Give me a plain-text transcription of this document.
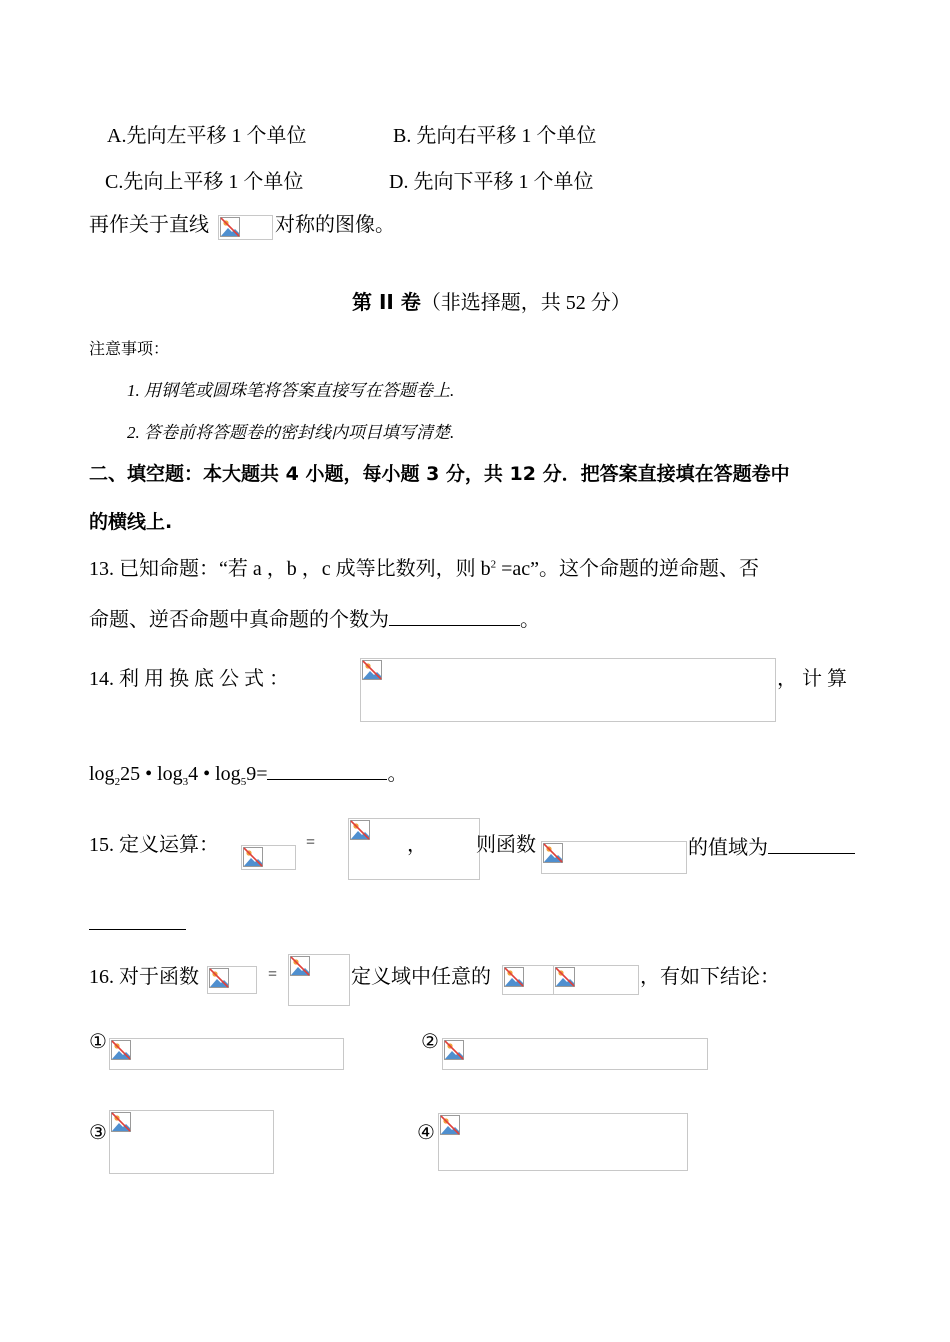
A.先向左平移 1 个单位	B. 先向右平移 1 个单位
C.先向上平移 1 个单位	D. 先向下平移 1 个单位
再作关于直线	对称的图像。
第 II 卷（非选择题，共 52 分）
注意事项：
1. 用钢笔或圆珠笔将答案直接写在答题卷上.
2. 答卷前将答题卷的密封线内项目填写清楚.
二、填空题：本大题共 4 小题，每小题 3 分，共 12 分．把答案直接填在答题卷中
的横线上.
13. 已知命题：“若 a ，b ，c 成等比数列，则 $b^2 =ac$”。这个命题的逆命题、否
命题、逆否命题中真命题的个数为	。
14. 利 用 换 底 公 式 ：	， 计 算
$\log_225$ • $\log_34$ • $\log_59=$	。
15. 定义运算：	=	， 则函数	的值域为
16. 对于函数	=	定义域中任意的	，有如下结论：
①	②
③	④
